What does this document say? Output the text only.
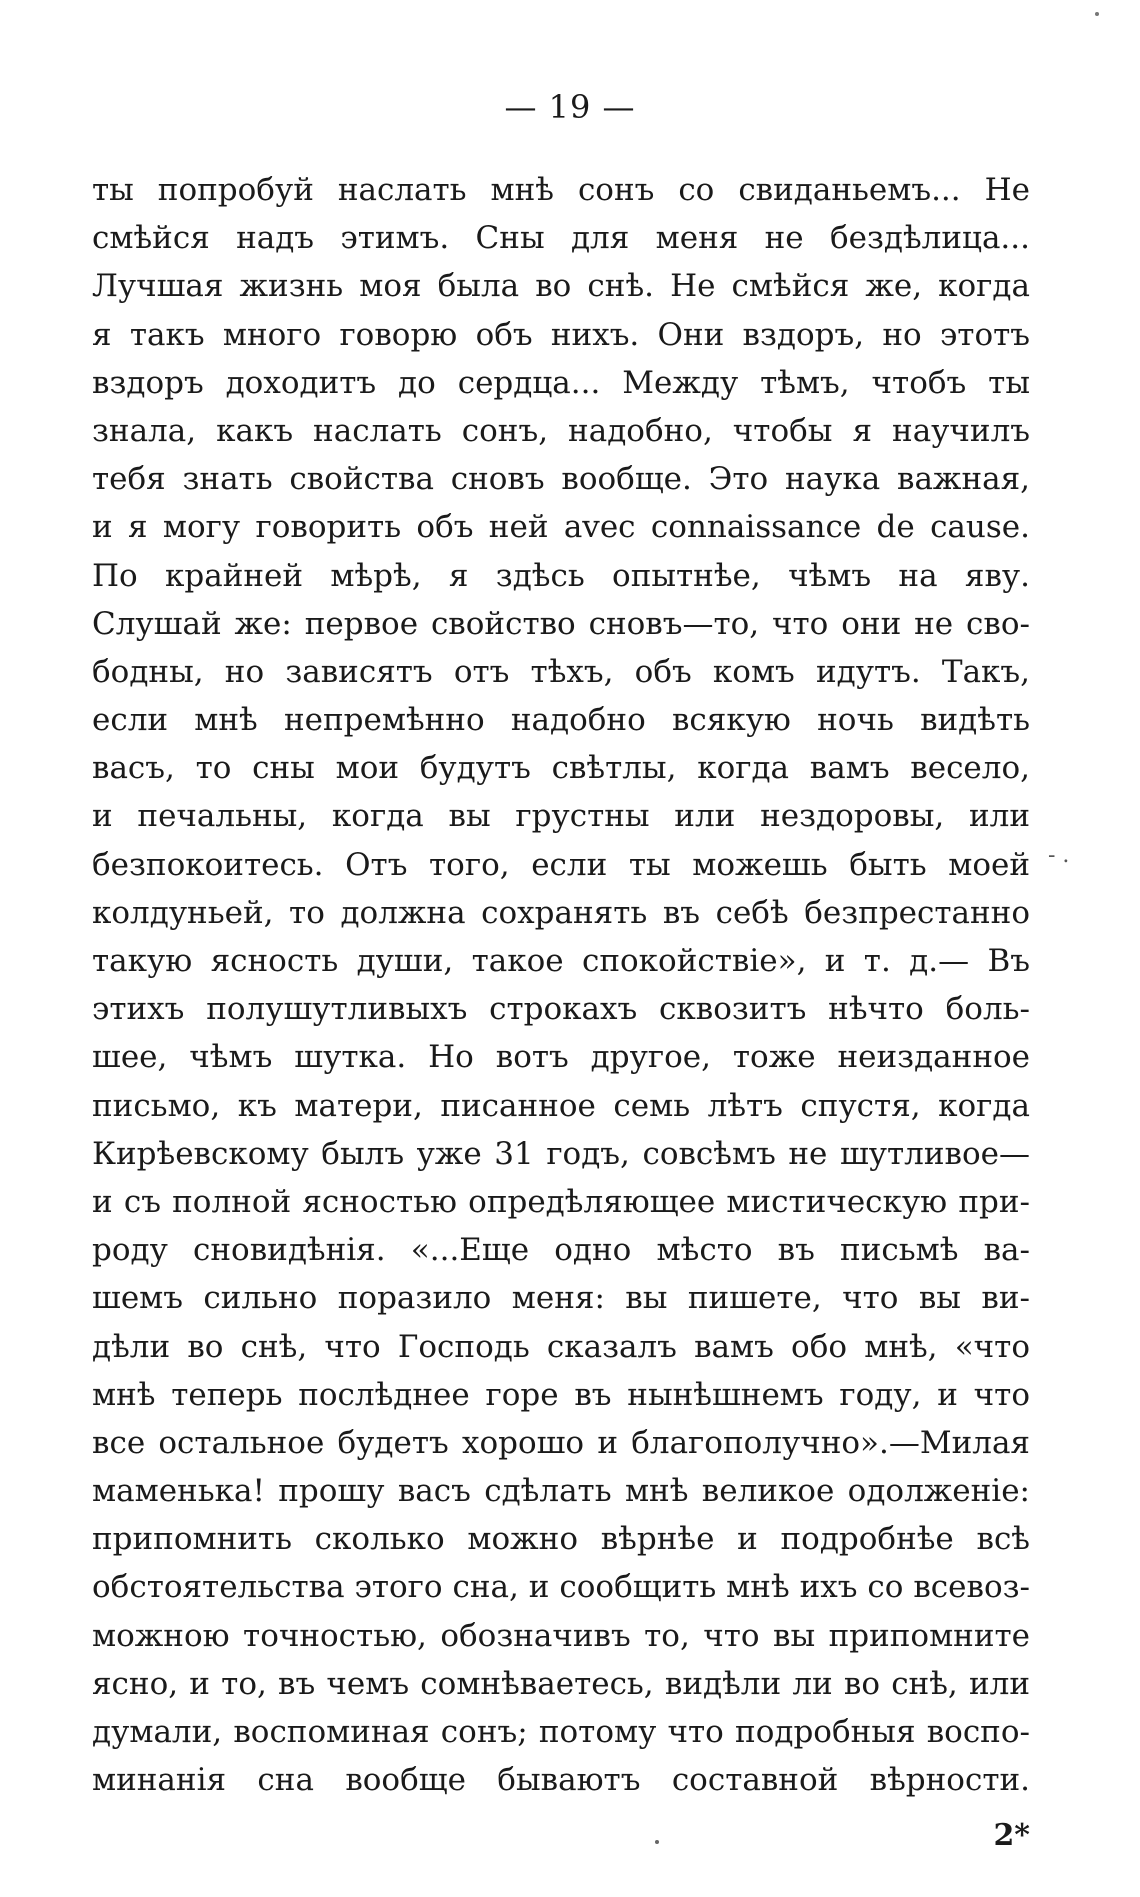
— 19 —
ты попробуй наслать мнѣ сонъ со свиданьемъ... Не
смѣйся надъ этимъ. Сны для меня не бездѣлица...
Лучшая жизнь моя была во снѣ. Не смѣйся же, когда
я такъ много говорю объ нихъ. Они вздоръ, но этотъ
вздоръ доходитъ до сердца... Между тѣмъ, чтобъ ты
знала, какъ наслать сонъ, надобно, чтобы я научилъ
тебя знать свойства сновъ вообще. Это наука важная,
и я могу говорить объ ней avec connaissance de cause.
По крайней мѣрѣ, я здѣсь опытнѣе, чѣмъ на яву.
Слушай же: первое свойство сновъ—то, что они не сво-
бодны, но зависятъ отъ тѣхъ, объ комъ идутъ. Такъ,
если мнѣ непремѣнно надобно всякую ночь видѣть
васъ, то сны мои будутъ свѣтлы, когда вамъ весело,
и печальны, когда вы грустны или нездоровы, или
безпокоитесь. Отъ того, если ты можешь быть моей
колдуньей, то должна сохранять въ себѣ безпрестанно
такую ясность души, такое спокойствіе», и т. д.— Въ
этихъ полушутливыхъ строкахъ сквозитъ нѣчто боль-
шее, чѣмъ шутка. Но вотъ другое, тоже неизданное
письмо, къ матери, писанное семь лѣтъ спустя, когда
Кирѣевскому былъ уже 31 годъ, совсѣмъ не шутливое—
и съ полной ясностью опредѣляющее мистическую при-
роду сновидѣнія. «...Еще одно мѣсто въ письмѣ ва-
шемъ сильно поразило меня: вы пишете, что вы ви-
дѣли во снѣ, что Господь сказалъ вамъ обо мнѣ, «что
мнѣ теперь послѣднее горе въ нынѣшнемъ году, и что
все остальное будетъ хорошо и благополучно».—Милая
маменька! прошу васъ сдѣлать мнѣ великое одолженіе:
припомнить сколько можно вѣрнѣе и подробнѣе всѣ
обстоятельства этого сна, и сообщить мнѣ ихъ со всевоз-
можною точностью, обозначивъ то, что вы припомните
ясно, и то, въ чемъ сомнѣваетесь, видѣли ли во снѣ, или
думали, воспоминая сонъ; потому что подробныя воспо-
минанія сна вообще бываютъ составной вѣрности.
- .
2*
